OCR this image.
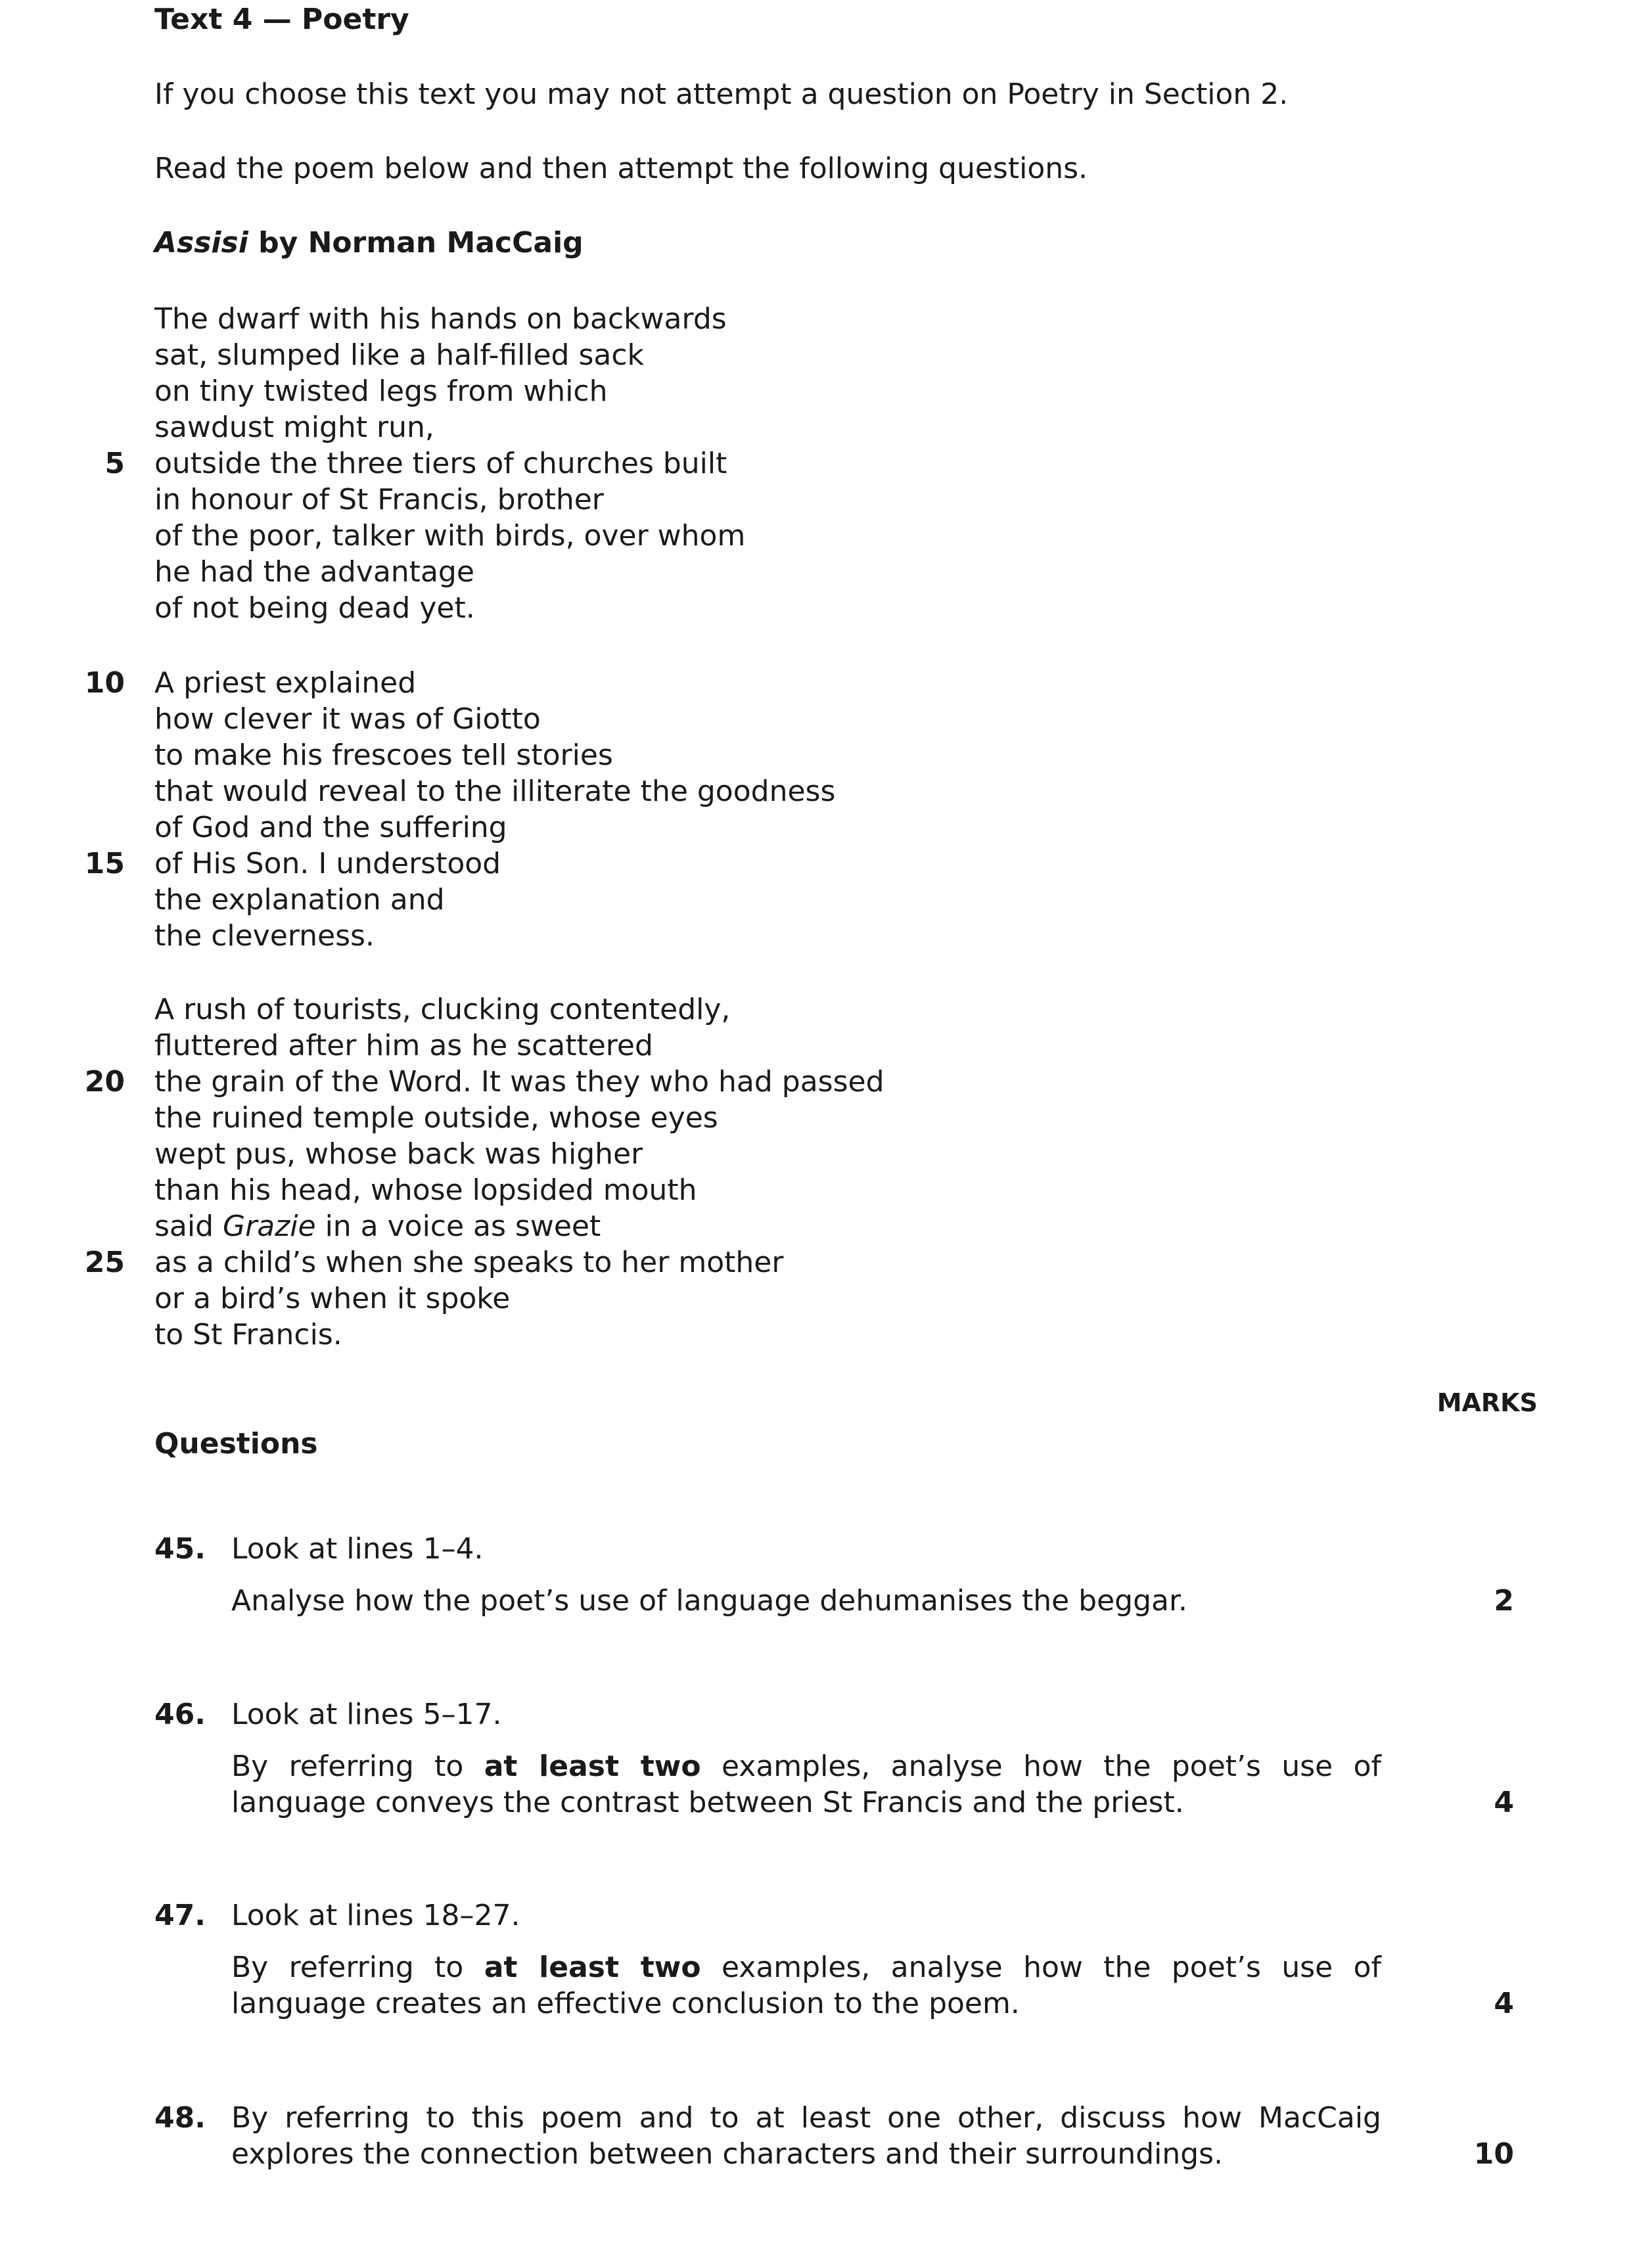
Text 4 — Poetry
If you choose this text you may not attempt a question on Poetry in Section 2.
Read the poem below and then attempt the following questions.
Assisi by Norman MacCaig
The dwarf with his hands on backwards
sat, slumped like a half-filled sack
on tiny twisted legs from which
sawdust might run,
5 outside the three tiers of churches built
in honour of St Francis, brother
of the poor, talker with birds, over whom
he had the advantage
of not being dead yet.
10 A priest explained
how clever it was of Giotto
to make his frescoes tell stories
that would reveal to the illiterate the goodness
of God and the suffering
15 of His Son. I understood
the explanation and
the cleverness.
A rush of tourists, clucking contentedly,
fluttered after him as he scattered
20 the grain of the Word. It was they who had passed
the ruined temple outside, whose eyes
wept pus, whose back was higher
than his head, whose lopsided mouth
said Grazie in a voice as sweet
25 as a child’s when she speaks to her mother
or a bird’s when it spoke
to St Francis.
MARKS
Questions
45. Look at lines 1–4.
Analyse how the poet’s use of language dehumanises the beggar.	2
46. Look at lines 5–17.
By referring to at least two examples, analyse how the poet’s use of language conveys the contrast between St Francis and the priest.	4
47. Look at lines 18–27.
By referring to at least two examples, analyse how the poet’s use of language creates an effective conclusion to the poem.	4
48. By referring to this poem and to at least one other, discuss how MacCaig explores the connection between characters and their surroundings.	10
